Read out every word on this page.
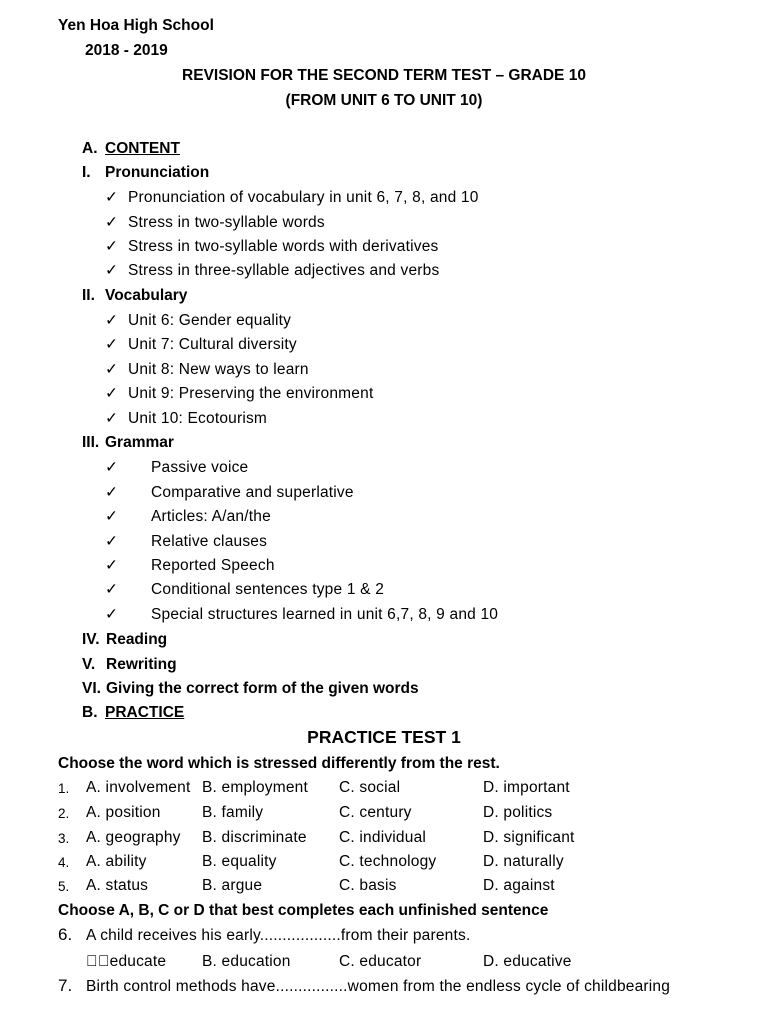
Yen Hoa High School
2018 - 2019
REVISION FOR THE SECOND TERM TEST – GRADE 10
(FROM UNIT 6 TO UNIT 10)
A. CONTENT
I. Pronunciation
✓ Pronunciation of vocabulary in unit 6, 7, 8, and 10
✓ Stress in two-syllable words
✓ Stress in two-syllable words with derivatives
✓ Stress in three-syllable adjectives and verbs
II. Vocabulary
✓ Unit 6: Gender equality
✓ Unit 7: Cultural diversity
✓ Unit 8: New ways to learn
✓ Unit 9: Preserving the environment
✓ Unit 10: Ecotourism
III. Grammar
✓ Passive voice
✓ Comparative and superlative
✓ Articles: A/an/the
✓ Relative clauses
✓ Reported Speech
✓ Conditional sentences type 1 & 2
✓ Special structures learned in unit 6,7, 8, 9 and 10
IV. Reading
V. Rewriting
VI. Giving the correct form of the given words
B. PRACTICE
PRACTICE TEST 1
Choose the word which is stressed differently from the rest.
1. A. involvement B. employment C. social	D. important
2. A. position	B. family	C. century	D. politics
3. A. geography B. discriminate C. individual	D. significant
4. A. ability	B. equality	C. technology	D. naturally
5. A. status	B. argue	C. basis	D. against
Choose A, B, C or D that best completes each unfinished sentence
6. A child receives his early..................from their parents.
educate	B. education	C. educator	D. educative
7. Birth control methods have................women from the endless cycle of childbearing
